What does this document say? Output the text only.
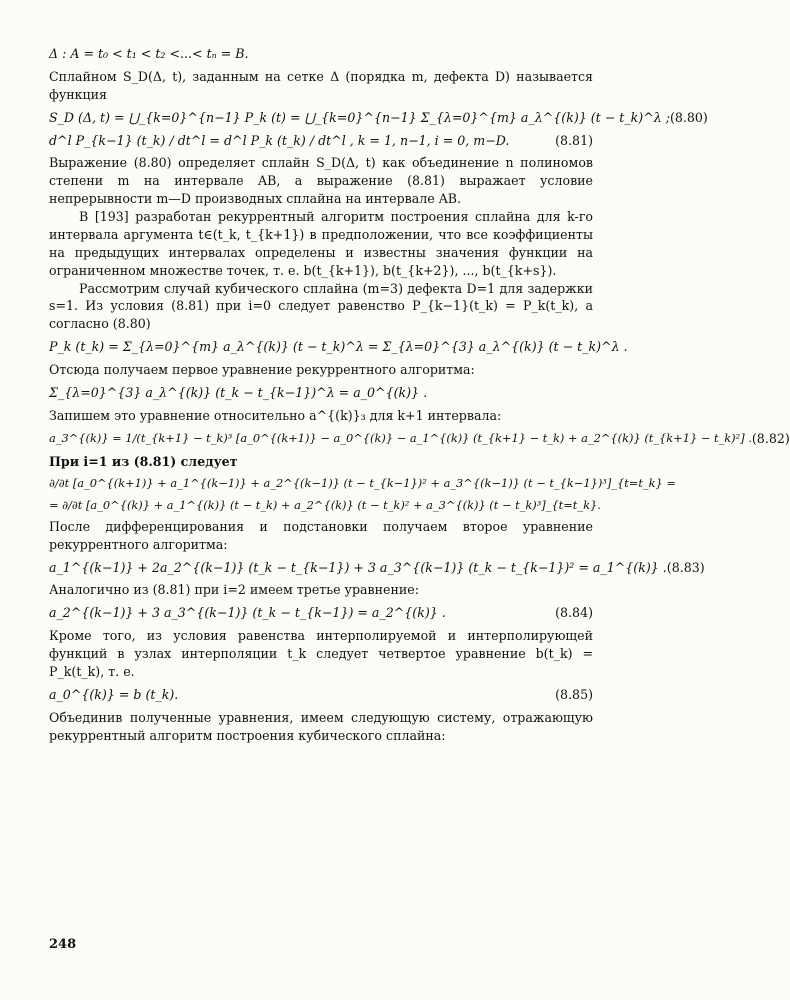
Δ : A = t₀ < t₁ < t₂ <...< tₙ = B.

Сплайном S_D(Δ, t), заданным на сетке Δ (порядка m, дефекта D) называется функция

S_D (Δ, t) = ⋃_{k=0}^{n−1} P_k (t) = ⋃_{k=0}^{n−1} Σ_{λ=0}^{m} a_λ^{(k)} (t − t_k)^λ ; (8.80)
d^l P_{k−1} (t_k) / dt^l = d^l P_k (t_k) / dt^l , k = 1, n−1, i = 0, m−D.	(8.81)

Выражение (8.80) определяет сплайн S_D(Δ, t) как объединение n полиномов степени m на интервале AB, а выражение (8.81) выражает условие непрерывности m—D производных сплайна на интервале AB.

В [193] разработан рекуррентный алгоритм построения сплайна для k-го интервала аргумента t∈(t_k, t_{k+1}) в предположении, что все коэффициенты на предыдущих интервалах определены и известны значения функции на ограниченном множестве точек, т. е. b(t_{k+1}), b(t_{k+2}), ..., b(t_{k+s}).

Рассмотрим случай кубического сплайна (m=3) дефекта D=1 для задержки s=1. Из условия (8.81) при i=0 следует равенство P_{k−1}(t_k) = P_k(t_k), а согласно (8.80)

P_k (t_k) = Σ_{λ=0}^{m} a_λ^{(k)} (t − t_k)^λ = Σ_{λ=0}^{3} a_λ^{(k)} (t − t_k)^λ .

Отсюда получаем первое уравнение рекуррентного алгоритма:

Σ_{λ=0}^{3} a_λ^{(k)} (t_k − t_{k−1})^λ = a_0^{(k)} .

Запишем это уравнение относительно a^{(k)}₃ для k+1 интервала:

a_3^{(k)} = 1/(t_{k+1} − t_k)³ [a_0^{(k+1)} − a_0^{(k)} − a_1^{(k)} (t_{k+1} − t_k) + a_2^{(k)} (t_{k+1} − t_k)²] . (8.82)

При i=1 из (8.81) следует

∂/∂t [a_0^{(k+1)} + a_1^{(k−1)} + a_2^{(k−1)} (t − t_{k−1})² + a_3^{(k−1)} (t − t_{k−1})³]_{t=t_k} =

= ∂/∂t [a_0^{(k)} + a_1^{(k)} (t − t_k) + a_2^{(k)} (t − t_k)² + a_3^{(k)} (t − t_k)³]_{t=t_k}.

После дифференцирования и подстановки получаем второе уравнение рекуррентного алгоритма:

a_1^{(k−1)} + 2a_2^{(k−1)} (t_k − t_{k−1}) + 3 a_3^{(k−1)} (t_k − t_{k−1})² = a_1^{(k)} . (8.83)

Аналогично из (8.81) при i=2 имеем третье уравнение:

a_2^{(k−1)} + 3 a_3^{(k−1)} (t_k − t_{k−1}) = a_2^{(k)} .	(8.84)

Кроме того, из условия равенства интерполируемой и интерполирующей функций в узлах интерполяции t_k следует четвертое уравнение b(t_k) = P_k(t_k), т. е.

a_0^{(k)} = b (t_k).	(8.85)

Объединив полученные уравнения, имеем следующую систему, отражающую рекуррентный алгоритм построения кубического сплайна:

248
